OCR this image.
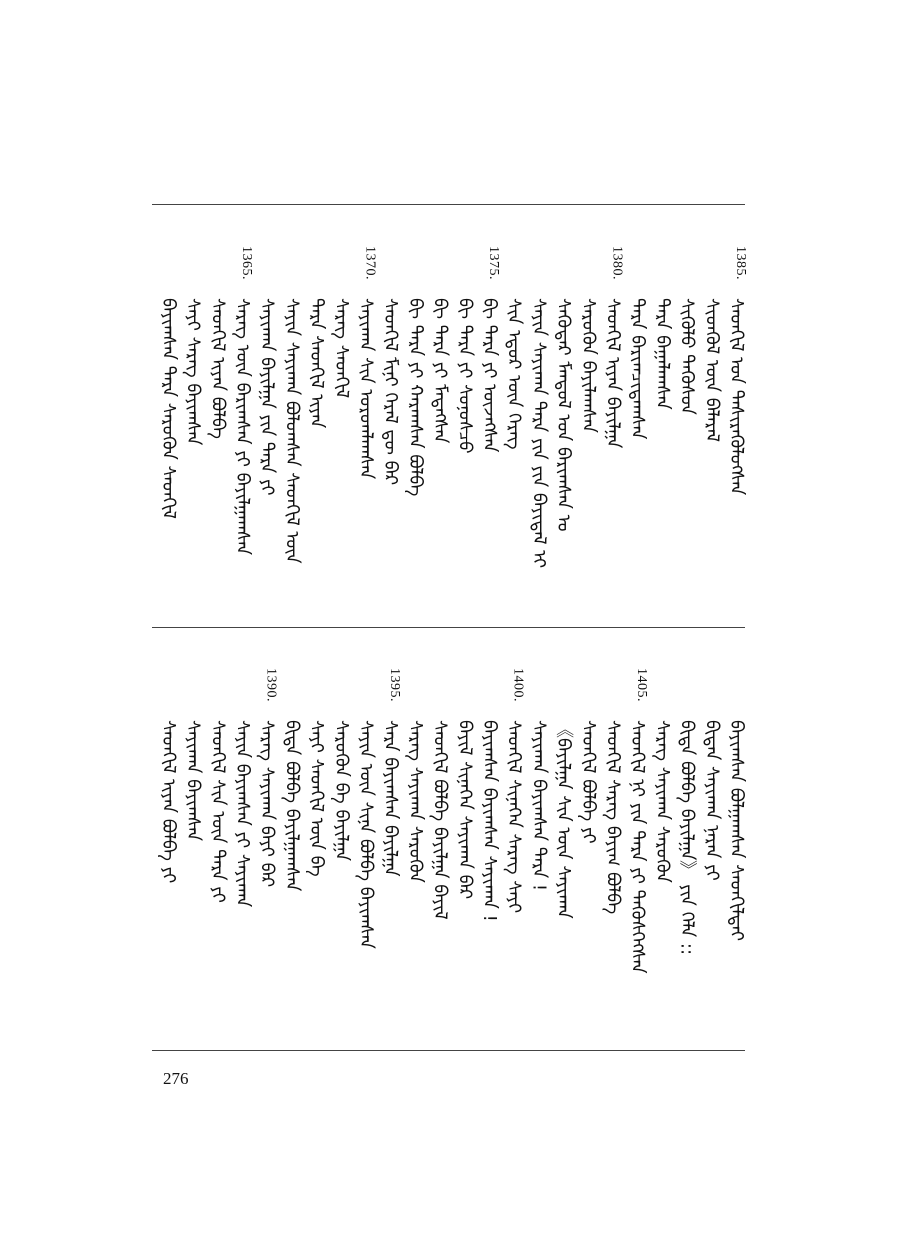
1385.
ᠰᠡᠳᠬᠢᠯ ᠤᠨ ᠲᠡᠰᠢᠷᠡᠭᠦᠯᠦᠭᠰᠡᠨ
ᠰᠢᠳᠬᠦᠯ ᠦᠨ ᠪᠠᠯᠠᠷᠠᠯ
ᠰᠢᠭᠦᠯᠦ ᠲᠡᠭᠦᠰᠦᠨ
ᠲᠡᠷᠡ ᠪᠠᠭᠠᠯᠠᠭᠰᠠᠨ
ᠲᠡᠷᠡ ᠪᠠᠷᠢᠭᠴᠢᠳᠠᠭᠰᠠᠨ
1380.
ᠰᠡᠳᠬᠢᠯ ᠢᠶᠡᠨ ᠪᠠᠶᠢᠯᠭᠠ
ᠰᠡᠷᠦᠭᠦᠨ ᠪᠠᠶᠢᠯᠠᠭᠰᠠᠨ
ᠰᠡᠭᠦᠳᠡᠷ ᠮᠠᠨᠳᠤᠯ ᠤᠨ ᠪᠠᠷᠢᠭᠰᠠᠨ ᠤ
ᠰᠠᠶᠢᠨ ᠰᠠᠶᠢᠬᠠᠨ ᠲᠡᠷᠡ ᠶᠢᠨ ᠶᠢᠨ ᠪᠠᠶᠢᠳᠠᠯ ᠢ
ᠰᠢᠨ ᠡᠳᠦᠷ ᠦᠨ ᠬᠡᠷᠡᠭ
1375.
ᠪᠢ ᠲᠡᠷᠡ ᠶᠢ ᠦᠵᠡᠭᠰᠡᠨ
ᠪᠢ ᠲᠡᠷᠡ ᠶᠢ ᠰᠣᠨᠣᠰᠴᠤ
ᠪᠢ ᠲᠡᠷᠡ ᠶᠢ ᠮᠡᠳᠡᠭᠰᠡᠨ
ᠪᠢ ᠲᠡᠷᠡ ᠶᠢ ᠬᠠᠷᠠᠭᠰᠠᠨ ᠪᠣᠯᠪᠠ
ᠰᠡᠳᠬᠢᠯ ᠮᠢᠨᠢ ᠭᠡᠷᠡᠯ ᠳᠦ ᠪᠡᠷ
1370.
ᠰᠠᠶᠢᠬᠠᠨ ᠰᠢᠨ ᠤᠷᠤᠭᠯᠠᠭᠰᠠᠨ
ᠰᠡᠷᠡᠭ ᠰᠡᠳᠬᠢᠯ
ᠲᠡᠷᠡ ᠰᠡᠳᠬᠢᠯ ᠢᠶᠡᠨ
ᠰᠠᠶᠢᠨ ᠰᠠᠶᠢᠬᠠᠨ ᠪᠣᠯᠤᠭᠰᠠᠨ ᠰᠡᠳᠬᠢᠯ ᠦᠨ
ᠰᠠᠶᠢᠬᠠᠨ ᠪᠠᠶᠢᠯᠭᠠ ᠶᠢᠨ ᠲᠡᠷᠡ ᠶᠢ
1365.
ᠰᠡᠷᠡᠭ ᠦᠨ ᠪᠠᠷᠢᠭᠰᠠᠨ ᠶᠢ ᠪᠠᠶᠢᠯᠭᠠᠭᠰᠠᠨ
ᠰᠡᠳᠬᠢᠯ ᠢᠶᠡᠨ ᠪᠣᠯᠪᠠ
ᠰᠠᠶᠢ ᠰᠡᠷᠡᠭ ᠪᠠᠶᠢᠭᠰᠠᠨ
ᠪᠠᠶᠢᠭᠰᠠᠨ ᠲᠡᠷᠡ ᠰᠡᠷᠦᠭᠦᠨ ᠰᠡᠳᠬᠢᠯ
ᠪᠠᠶᠢᠭᠰᠠᠨ ᠪᠣᠯᠭᠠᠭᠰᠠᠨ ᠰᠡᠳᠬᠢᠯᠲᠡᠢ
ᠪᠢᠳᠡᠨ ᠰᠠᠶᠢᠬᠠᠨ ᠨᠠᠷᠠᠨ ᠶᠢ
ᠪᠢᠳᠡ ᠪᠣᠯᠪᠠ ᠪᠠᠶᠢᠯᠭᠠ》 ᠶᠢᠨ ᠬᠡᠯᠡ ::
ᠰᠡᠷᠡᠭ ᠰᠠᠶᠢᠬᠠᠨ ᠰᠡᠷᠦᠭᠦᠨ
1405.
ᠰᠡᠳᠬᠢᠯ ᠨᠢ ᠶᠢᠨ ᠲᠡᠷᠡ ᠶᠢ ᠲᠡᠭᠦᠰᠬᠡᠭᠰᠡᠨ
ᠰᠡᠳᠬᠢᠯ ᠰᠡᠷᠡᠭ ᠪᠠᠶᠢᠭ ᠪᠣᠯᠪᠠ
ᠰᠡᠳᠬᠢᠯ ᠪᠣᠯᠪᠠ ᠶᠢ
《ᠪᠠᠶᠢᠯᠭᠠ ᠰᠢᠨ ᠦᠨ ᠰᠠᠶᠢᠬᠠᠨ
ᠰᠠᠶᠢᠬᠠᠨ ᠪᠠᠶᠢᠭᠰᠠᠨ ᠲᠡᠷᠡ !
1400.
ᠰᠡᠳᠬᠢᠯ ᠰᠢᠨᠡᠬᠡᠨ ᠰᠡᠷᠡᠭ ᠰᠠᠶᠢ
ᠪᠠᠶᠢᠭᠰᠠᠨ ᠪᠠᠶᠢᠭᠰᠠᠨ ᠰᠠᠶᠢᠬᠠᠨ !
ᠪᠠᠶᠢᠯ ᠰᠢᠨᠡᠬᠡᠨ ᠰᠠᠶᠢᠬᠠᠨ ᠪᠠᠷ
ᠰᠡᠳᠬᠢᠯ ᠪᠣᠯᠪᠠ ᠪᠠᠶᠢᠯᠭᠠ ᠪᠠᠶᠢᠯ
ᠰᠡᠷᠡᠭ ᠰᠠᠶᠢᠬᠠᠨ ᠰᠡᠷᠦᠭᠦᠨ
1395.
ᠰᠡᠷᠡ ᠪᠠᠶᠢᠭᠰᠠᠨ ᠪᠠᠶᠢᠯᠭᠠ
ᠰᠠᠶᠢᠨ ᠦᠨ ᠰᠢᠨᠡ ᠪᠣᠯᠪᠠ ᠪᠠᠶᠢᠭᠰᠠᠨ
ᠰᠡᠷᠦᠭᠦᠨ ᠪᠠ ᠪᠠᠶᠢᠯᠭᠠ
ᠰᠠᠶᠢ ᠰᠡᠳᠬᠢᠯ ᠦᠨ ᠪᠠ
ᠪᠢᠳᠡ ᠪᠣᠯᠪᠠ ᠪᠠᠶᠢᠯᠭᠠᠭᠰᠠᠨ
1390.
ᠰᠡᠷᠡᠭ ᠰᠠᠶᠢᠬᠠᠨ ᠪᠠᠶᠢ ᠪᠠᠷ
ᠰᠠᠶᠢᠨ ᠪᠠᠶᠢᠭᠰᠠᠨ ᠶᠢ ᠰᠠᠶᠢᠬᠠᠨ
ᠰᠡᠳᠬᠢᠯ ᠰᠢᠨ ᠦᠨ ᠲᠡᠷᠡ ᠶᠢ
ᠰᠠᠶᠢᠬᠠᠨ ᠪᠠᠶᠢᠭᠰᠠᠨ
ᠰᠡᠳᠬᠢᠯ ᠢᠶᠡᠨ ᠪᠣᠯᠪᠠ ᠶᠢ
276
